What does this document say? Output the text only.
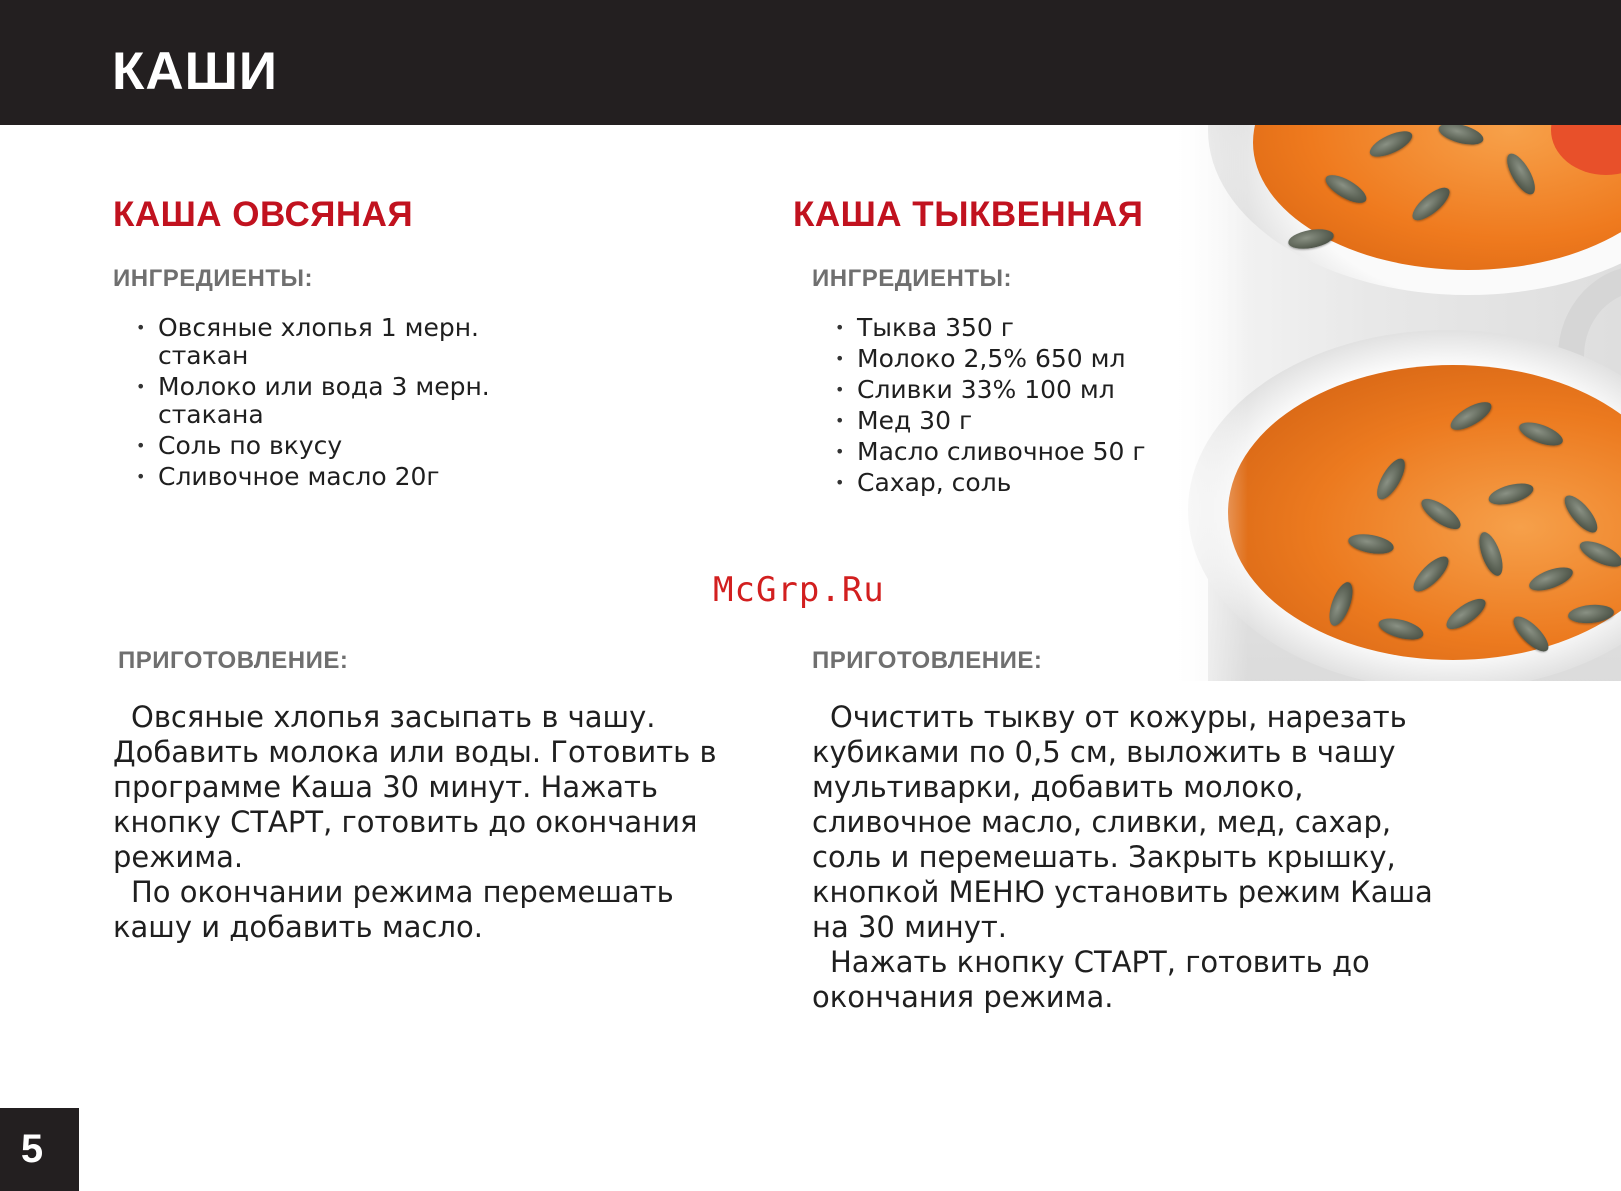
КАШИ
КАША ОВСЯНАЯ
ИНГРЕДИЕНТЫ:
• Овсяные хлопья 1 мерн.
стакан
• Молоко или вода 3 мерн.
стакана
• Соль по вкусу
• Сливочное масло 20г
ПРИГОТОВЛЕНИЕ:

Овсяные хлопья засыпать в чашу.
Добавить молока или воды. Готовить в
программе Каша 30 минут. Нажать
кнопку СТАРТ, готовить до окончания
режима.

По окончании режима перемешать
кашу и добавить масло.

КАША ТЫКВЕННАЯ
ИНГРЕДИЕНТЫ:
• Тыква 350 г
• Молоко 2,5% 650 мл
• Сливки 33% 100 мл
• Мед 30 г
• Масло сливочное 50 г
• Сахар, соль
ПРИГОТОВЛЕНИЕ:

Очистить тыкву от кожуры, нарезать
кубиками по 0,5 см, выложить в чашу
мультиварки, добавить молоко,
сливочное масло, сливки, мед, сахар,
соль и перемешать. Закрыть крышку,
кнопкой МЕНЮ установить режим Каша
на 30 минут.

Нажать кнопку СТАРТ, готовить до
окончания режима.

McGrp.Ru
5
